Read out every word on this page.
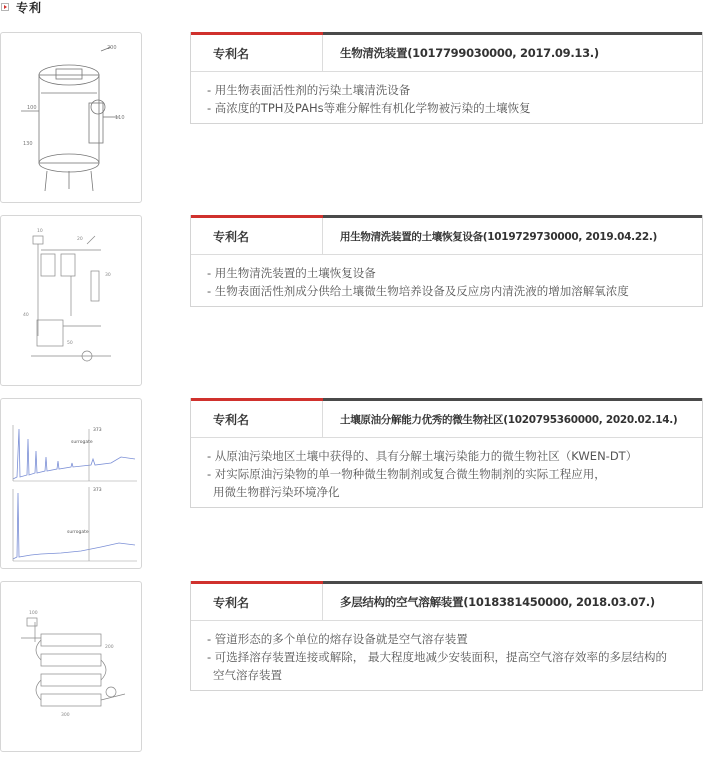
专利
200
100
110
130
专利名	生物清洗装置(1017799030000, 2017.09.13.)
- 用生物表面活性剂的污染土壤清洗设备
- 高浓度的TPH及PAHs等难分解性有机化学物被污染的土壤恢复
10
20
30
40
50
专利名	用生物清洗装置的土壤恢复设备(1019729730000, 2019.04.22.)
- 用生物清洗装置的土壤恢复设备
- 生物表面活性剂成分供给土壤微生物培养设备及反应房内清洗液的增加溶解氧浓度
373
373
surrogate
surrogate
专利名	土壤原油分解能力优秀的微生物社区(1020795360000, 2020.02.14.)
- 从原油污染地区土壤中获得的、具有分解土壤污染能力的微生物社区（KWEN-DT）
- 对实际原油污染物的单一物种微生物制剂或复合微生物制剂的实际工程应用，
用微生物群污染环境净化
100
200
300
专利名	多层结构的空气溶解装置(1018381450000, 2018.03.07.)
- 管道形态的多个单位的熔存设备就是空气溶存装置
- 可选择溶存装置连接或解除， 最大程度地减少安装面积，提高空气溶存效率的多层结构的
空气溶存装置
